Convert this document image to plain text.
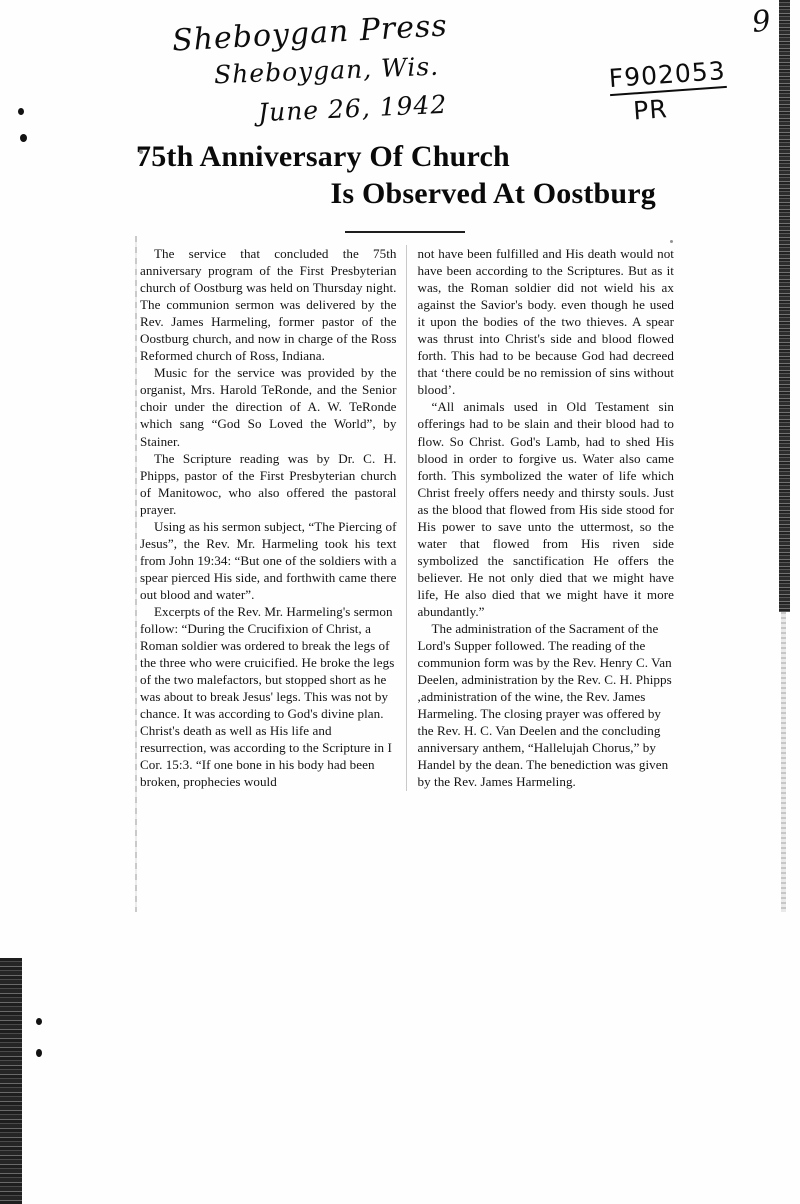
Sheboygan Press
Sheboygan, Wis.
June 26, 1942
F902053
PR
9
75th Anniversary Of Church
Is Observed At Oostburg

The service that concluded the 75th anniversary program of the First Presbyterian church of Oostburg was held on Thursday night. The communion sermon was delivered by the Rev. James Harmeling, former pastor of the Oostburg church, and now in charge of the Ross Reformed church of Ross, Indiana.

Music for the service was provided by the organist, Mrs. Harold TeRonde, and the Senior choir under the direction of A. W. TeRonde which sang “God So Loved the World”, by Stainer.

The Scripture reading was by Dr. C. H. Phipps, pastor of the First Presbyterian church of Manitowoc, who also offered the pastoral prayer.

Using as his sermon subject, “The Piercing of Jesus”, the Rev. Mr. Harmeling took his text from John 19:34: “But one of the soldiers with a spear pierced His side, and forthwith came there out blood and water”.

Excerpts of the Rev. Mr. Harmeling's sermon follow: “During the Crucifixion of Christ, a Roman soldier was ordered to break the legs of the three who were cruicified. He broke the legs of the two malefactors, but stopped short as he was about to break Jesus' legs. This was not by chance. It was according to God's divine plan. Christ's death as well as His life and resurrection, was according to the Scripture in I Cor. 15:3. “If one bone in his body had been broken, prophecies would

not have been fulfilled and His death would not have been according to the Scriptures. But as it was, the Roman soldier did not wield his ax against the Savior's body. even though he used it upon the bodies of the two thieves. A spear was thrust into Christ's side and blood flowed forth. This had to be because God had decreed that ‘there could be no remission of sins without blood’.

“All animals used in Old Testament sin offerings had to be slain and their blood had to flow. So Christ. God's Lamb, had to shed His blood in order to forgive us. Water also came forth. This symbolized the water of life which Christ freely offers needy and thirsty souls. Just as the blood that flowed from His side stood for His power to save unto the uttermost, so the water that flowed from His riven side symbolized the sanctification He offers the believer. He not only died that we might have life, He also died that we might have it more abundantly.”

The administration of the Sacrament of the Lord's Supper followed. The reading of the communion form was by the Rev. Henry C. Van Deelen, administration by the Rev. C. H. Phipps ,administration of the wine, the Rev. James Harmeling. The closing prayer was offered by the Rev. H. C. Van Deelen and the concluding anniversary anthem, “Hallelujah Chorus,” by Handel by the dean. The benediction was given by the Rev. James Harmeling.
